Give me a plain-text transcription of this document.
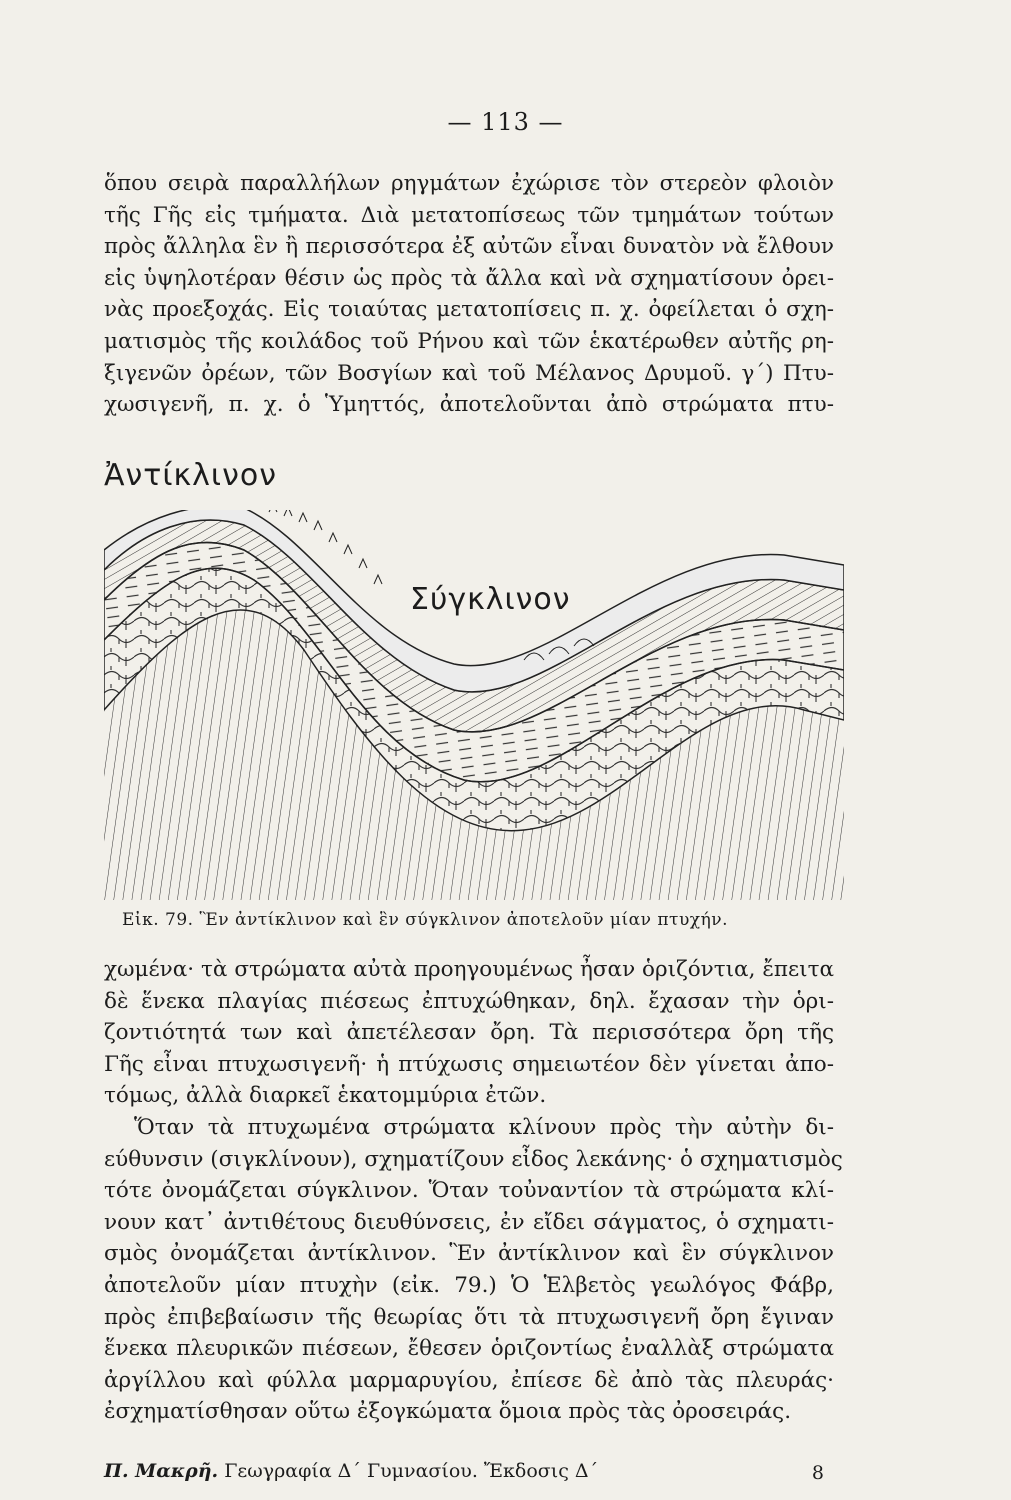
— 113 —
ὅπου σειρὰ παραλλήλων ρηγμάτων ἐχώρισε τὸν στερεὸν φλοιὸν
τῆς Γῆς εἰς τμήματα. Διὰ μετατοπίσεως τῶν τμημάτων τούτων
πρὸς ἄλληλα ἓν ἢ περισσότερα ἐξ αὐτῶν εἶναι δυνατὸν νὰ ἔλθουν
εἰς ὑψηλοτέραν θέσιν ὡς πρὸς τὰ ἄλλα καὶ νὰ σχηματίσουν ὀρει-
νὰς προεξοχάς. Εἰς τοιαύτας μετατοπίσεις π. χ. ὀφείλεται ὁ σχη-
ματισμὸς τῆς κοιλάδος τοῦ Ρήνου καὶ τῶν ἑκατέρωθεν αὐτῆς ρη-
ξιγενῶν ὀρέων, τῶν Βοσγίων καὶ τοῦ Μέλανος Δρυμοῦ. γ΄) Πτυ-
χωσιγενῆ, π. χ. ὁ Ὑμηττός, ἀποτελοῦνται ἀπὸ στρώματα πτυ-
Ἀντίκλινον
Σύγκλινον
Εἰκ. 79. Ἓν ἀντίκλινον καὶ ἓν σύγκλινον ἀποτελοῦν μίαν πτυχήν.
χωμένα· τὰ στρώματα αὐτὰ προηγουμένως ἦσαν ὁριζόντια, ἔπειτα
δὲ ἕνεκα πλαγίας πιέσεως ἐπτυχώθηκαν, δηλ. ἔχασαν τὴν ὁρι-
ζοντιότητά των καὶ ἀπετέλεσαν ὄρη. Τὰ περισσότερα ὄρη τῆς
Γῆς εἶναι πτυχωσιγενῆ· ἡ πτύχωσις σημειωτέον δὲν γίνεται ἀπο-
τόμως, ἀλλὰ διαρκεῖ ἑκατομμύρια ἐτῶν.
Ὅταν τὰ πτυχωμένα στρώματα κλίνουν πρὸς τὴν αὐτὴν δι-
εύθυνσιν (σιγκλίνουν), σχηματίζουν εἶδος λεκάνης· ὁ σχηματισμὸς
τότε ὀνομάζεται σύγκλινον. Ὅταν τοὐναντίον τὰ στρώματα κλί-
νουν κατ᾽ ἀντιθέτους διευθύνσεις, ἐν εἴδει σάγματος, ὁ σχηματι-
σμὸς ὀνομάζεται ἀντίκλινον. Ἓν ἀντίκλινον καὶ ἓν σύγκλινον
ἀποτελοῦν μίαν πτυχὴν (εἰκ. 79.) Ὁ Ἑλβετὸς γεωλόγος Φάβρ,
πρὸς ἐπιβεβαίωσιν τῆς θεωρίας ὅτι τὰ πτυχωσιγενῆ ὄρη ἔγιναν
ἕνεκα πλευρικῶν πιέσεων, ἔθεσεν ὁριζοντίως ἐναλλὰξ στρώματα
ἀργίλλου καὶ φύλλα μαρμαρυγίου, ἐπίεσε δὲ ἀπὸ τὰς πλευράς·
ἐσχηματίσθησαν οὕτω ἐξογκώματα ὅμοια πρὸς τὰς ὀροσειράς.
Π. Μακρῆ. Γεωγραφία Δ΄ Γυμνασίου. Ἔκδοσις Δ΄	8
